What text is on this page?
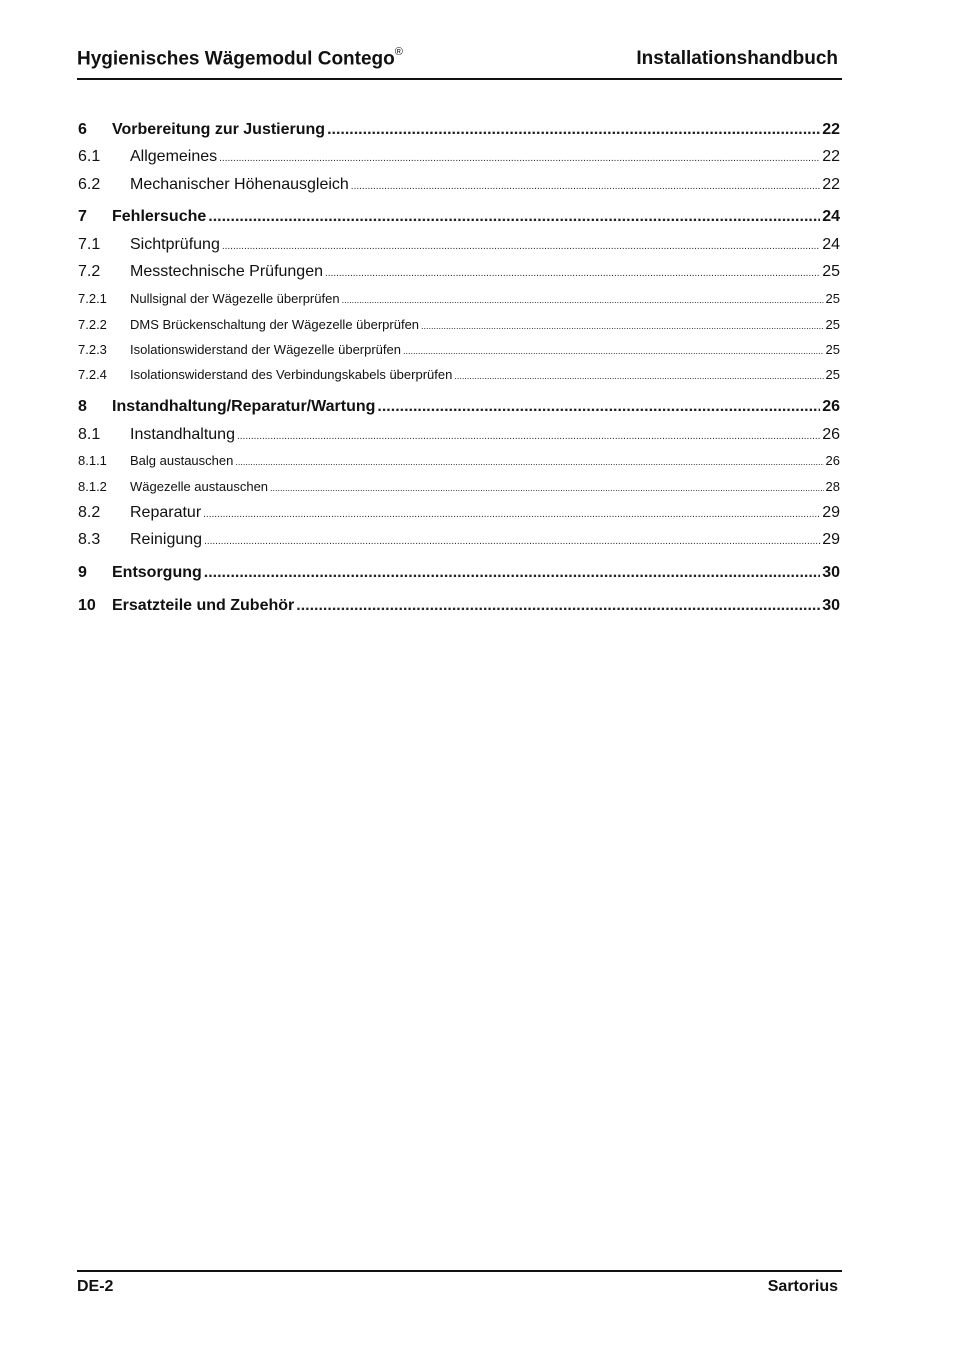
Hygienisches Wägemodul Contego®	Installationshandbuch
6	Vorbereitung zur Justierung .....	22
6.1	Allgemeines .....	22
6.2	Mechanischer Höhenausgleich .....	22
7	Fehlersuche .....	24
7.1	Sichtprüfung .....	24
7.2	Messtechnische Prüfungen .....	25
7.2.1	Nullsignal der Wägezelle überprüfen .....	25
7.2.2	DMS Brückenschaltung der Wägezelle überprüfen .....	25
7.2.3	Isolationswiderstand der Wägezelle überprüfen .....	25
7.2.4	Isolationswiderstand des Verbindungskabels überprüfen .....	25
8	Instandhaltung/Reparatur/Wartung .....	26
8.1	Instandhaltung .....	26
8.1.1	Balg austauschen .....	26
8.1.2	Wägezelle austauschen .....	28
8.2	Reparatur .....	29
8.3	Reinigung .....	29
9	Entsorgung .....	30
10	Ersatzteile und Zubehör .....	30
DE-2	Sartorius
